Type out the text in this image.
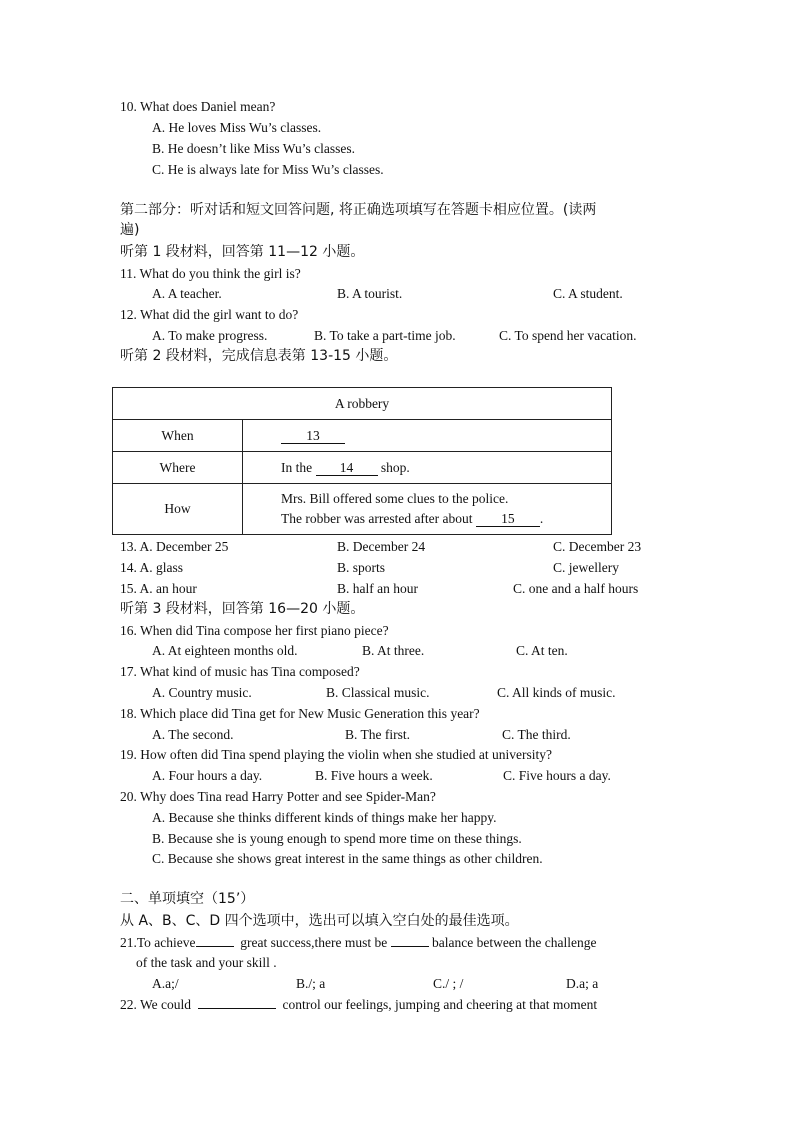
10. What does Daniel mean?
A. He loves Miss Wu’s classes.
B. He doesn’t like Miss Wu’s classes.
C. He is always late for Miss Wu’s classes.
第二部分：听对话和短文回答问题, 将正确选项填写在答题卡相应位置。(读两
遍)
听第 1 段材料，回答第 11—12 小题。
11. What do you think the girl is?
A. A teacher.	B. A tourist.	C. A student.
12. What did the girl want to do?
A. To make progress.	B. To take a part-time job.	C. To spend her vacation.
听第 2 段材料，完成信息表第 13-15 小题。
A robbery	
When	13
Where	In the 14 shop.
How	Mrs. Bill offered some clues to the police.
The robber was arrested after about 15 .
13. A. December 25	B. December 24	C. December 23
14. A. glass	B. sports	C. jewellery
15. A. an hour	B. half an hour	C. one and a half hours
听第 3 段材料，回答第 16—20 小题。
16. When did Tina compose her first piano piece?
A. At eighteen months old.	B. At three.	C. At ten.
17. What kind of music has Tina composed?
A. Country music.	B. Classical music.	C. All kinds of music.
18. Which place did Tina get for New Music Generation this year?
A. The second.	B. The first.	C. The third.
19. How often did Tina spend playing the violin when she studied at university?
A. Four hours a day.	B. Five hours a week.	C. Five hours a day.
20. Why does Tina read Harry Potter and see Spider-Man?
A. Because she thinks different kinds of things make her happy.
B. Because she is young enough to spend more time on these things.
C. Because she shows great interest in the same things as other children.
二、单项填空（15’）
从 A、B、C、D 四个选项中，选出可以填入空白处的最佳选项。
21.To achieve	great success,there must be	balance between the challenge
of the task and your skill .
A.a;/	B./; a	C./ ; /	D.a; a
22. We could	control our feelings, jumping and cheering at that moment
